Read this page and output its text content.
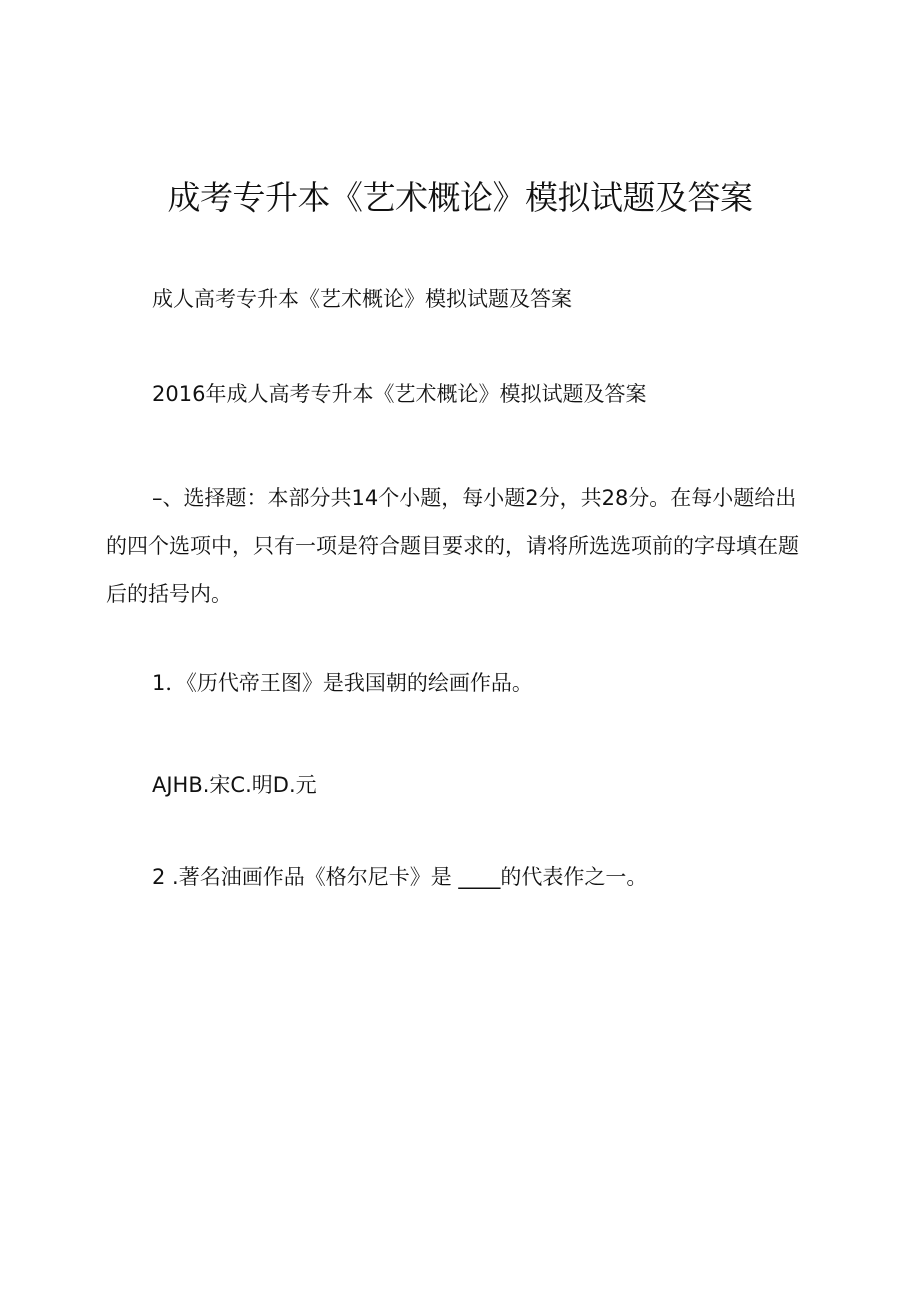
成考专升本《艺术概论》模拟试题及答案

成人高考专升本《艺术概论》模拟试题及答案

2016年成人高考专升本《艺术概论》模拟试题及答案

–、选择题：本部分共14个小题，每小题2分，共28分。在每小题给出的四个选项中，只有一项是符合题目要求的，请将所选选项前的字母填在题后的括号内。

1．《历代帝王图》是我国朝的绘画作品。

AJHB.宋C.明D.元

2 .著名油画作品《格尔尼卡》是 ____的代表作之一。
